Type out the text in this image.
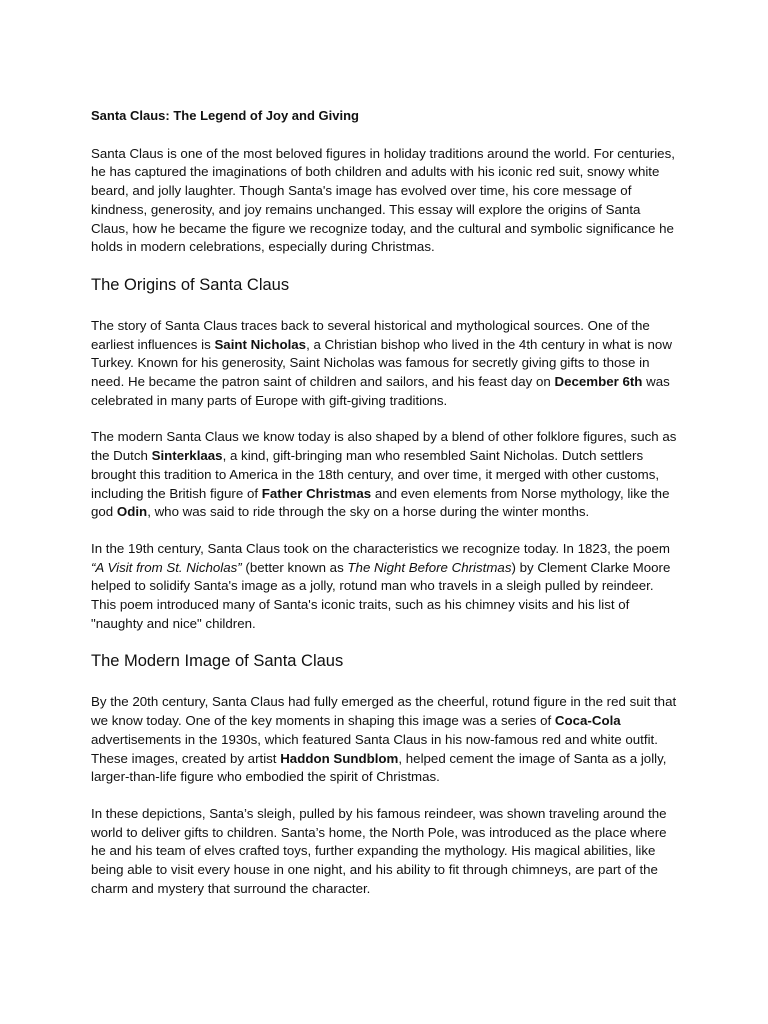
Santa Claus: The Legend of Joy and Giving

Santa Claus is one of the most beloved figures in holiday traditions around the world. For centuries, he has captured the imaginations of both children and adults with his iconic red suit, snowy white beard, and jolly laughter. Though Santa's image has evolved over time, his core message of kindness, generosity, and joy remains unchanged. This essay will explore the origins of Santa Claus, how he became the figure we recognize today, and the cultural and symbolic significance he holds in modern celebrations, especially during Christmas.

The Origins of Santa Claus

The story of Santa Claus traces back to several historical and mythological sources. One of the earliest influences is Saint Nicholas, a Christian bishop who lived in the 4th century in what is now Turkey. Known for his generosity, Saint Nicholas was famous for secretly giving gifts to those in need. He became the patron saint of children and sailors, and his feast day on December 6th was celebrated in many parts of Europe with gift-giving traditions.

The modern Santa Claus we know today is also shaped by a blend of other folklore figures, such as the Dutch Sinterklaas, a kind, gift-bringing man who resembled Saint Nicholas. Dutch settlers brought this tradition to America in the 18th century, and over time, it merged with other customs, including the British figure of Father Christmas and even elements from Norse mythology, like the god Odin, who was said to ride through the sky on a horse during the winter months.

In the 19th century, Santa Claus took on the characteristics we recognize today. In 1823, the poem “A Visit from St. Nicholas” (better known as The Night Before Christmas) by Clement Clarke Moore helped to solidify Santa's image as a jolly, rotund man who travels in a sleigh pulled by reindeer. This poem introduced many of Santa's iconic traits, such as his chimney visits and his list of "naughty and nice" children.

The Modern Image of Santa Claus

By the 20th century, Santa Claus had fully emerged as the cheerful, rotund figure in the red suit that we know today. One of the key moments in shaping this image was a series of Coca-Cola advertisements in the 1930s, which featured Santa Claus in his now-famous red and white outfit. These images, created by artist Haddon Sundblom, helped cement the image of Santa as a jolly, larger-than-life figure who embodied the spirit of Christmas.

In these depictions, Santa’s sleigh, pulled by his famous reindeer, was shown traveling around the world to deliver gifts to children. Santa’s home, the North Pole, was introduced as the place where he and his team of elves crafted toys, further expanding the mythology. His magical abilities, like being able to visit every house in one night, and his ability to fit through chimneys, are part of the charm and mystery that surround the character.
